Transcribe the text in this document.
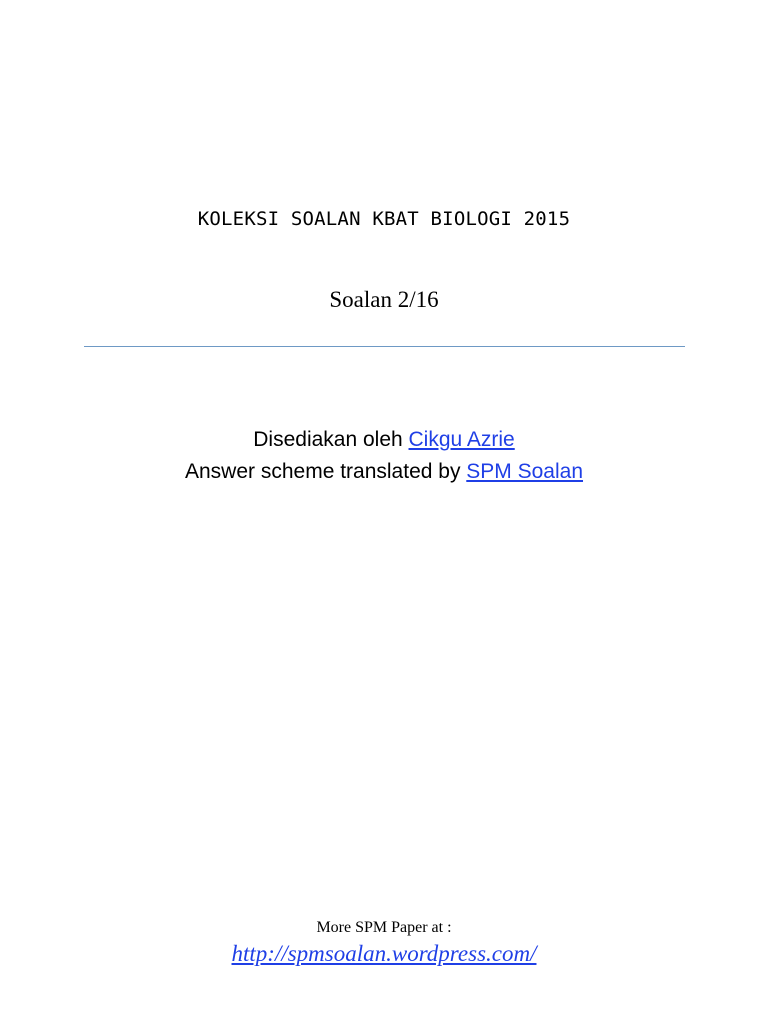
KOLEKSI SOALAN KBAT BIOLOGI 2015
Soalan 2/16
Disediakan oleh Cikgu Azrie
Answer scheme translated by SPM Soalan
More SPM Paper at :
http://spmsoalan.wordpress.com/
